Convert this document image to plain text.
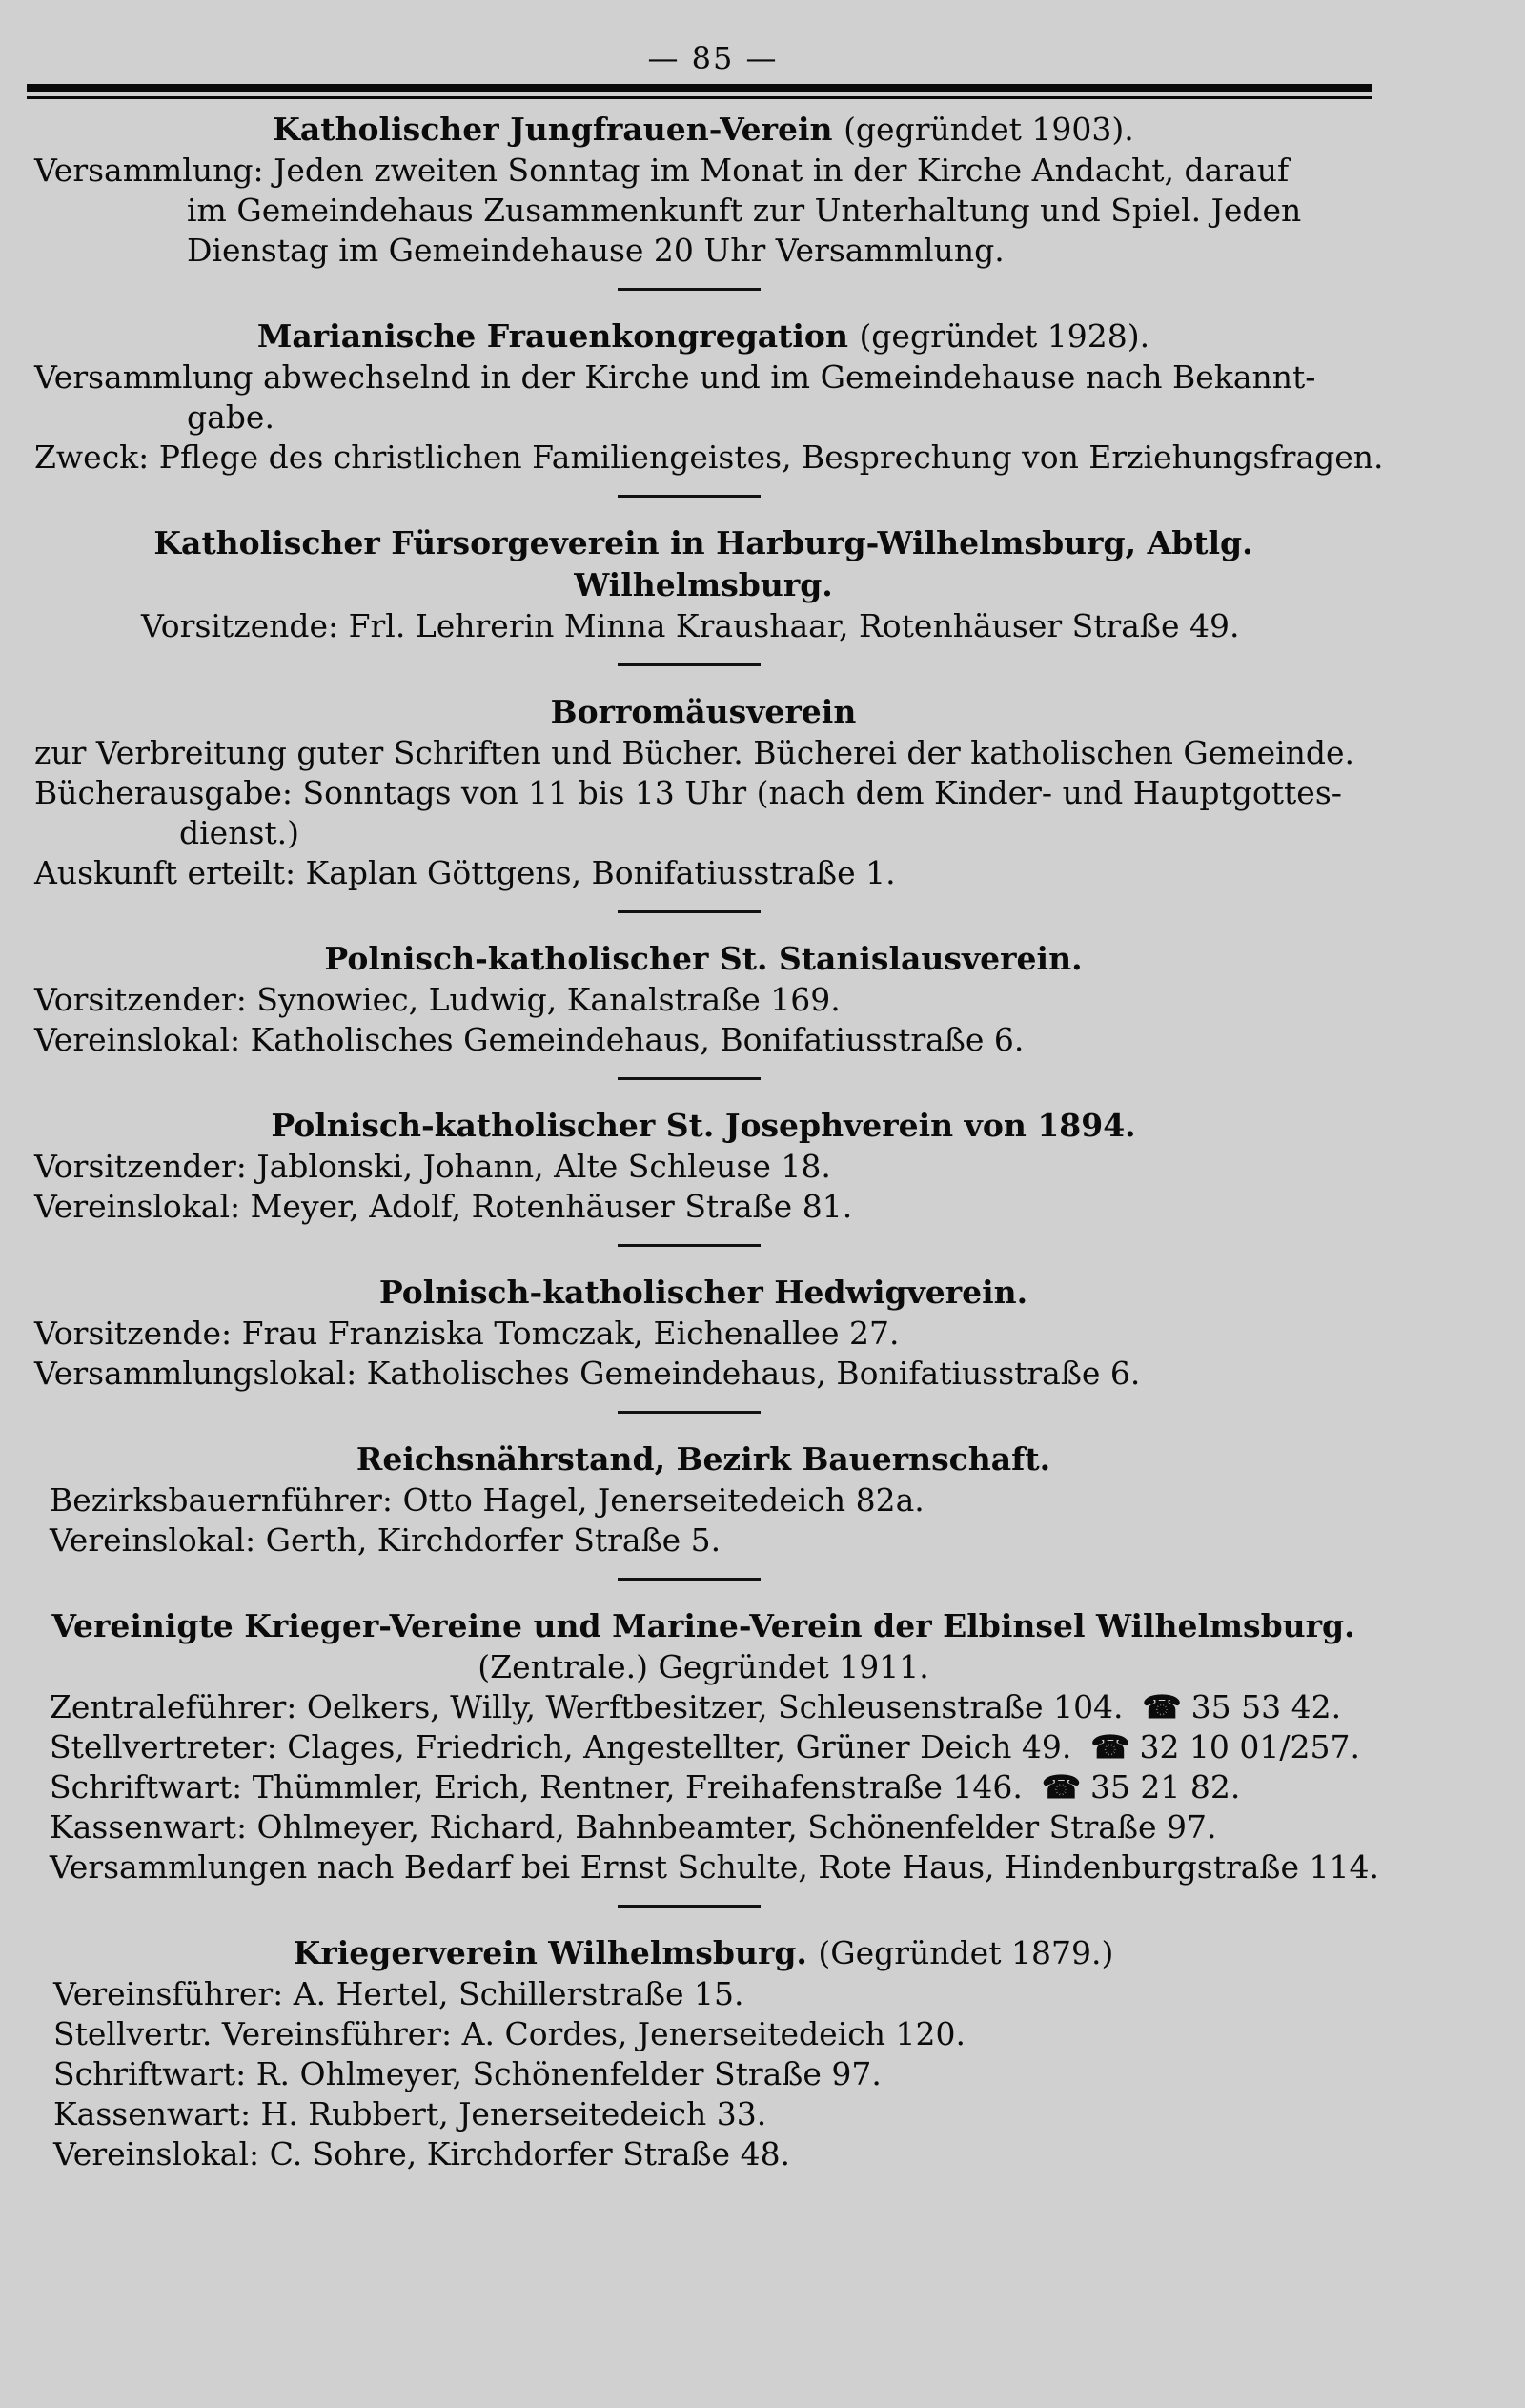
— 85 —
Katholischer Jungfrauen-Verein (gegründet 1903).
Versammlung: Jeden zweiten Sonntag im Monat in der Kirche Andacht, darauf
im Gemeindehaus Zusammenkunft zur Unterhaltung und Spiel. Jeden
Dienstag im Gemeindehause 20 Uhr Versammlung.
Marianische Frauenkongregation (gegründet 1928).
Versammlung abwechselnd in der Kirche und im Gemeindehause nach Bekannt-
gabe.
Zweck: Pflege des christlichen Familiengeistes, Besprechung von Erziehungsfragen.
Katholischer Fürsorgeverein in Harburg-Wilhelmsburg, Abtlg. Wilhelmsburg.
Vorsitzende: Frl. Lehrerin Minna Kraushaar, Rotenhäuser Straße 49.
Borromäusverein
zur Verbreitung guter Schriften und Bücher. Bücherei der katholischen Gemeinde.
Bücherausgabe: Sonntags von 11 bis 13 Uhr (nach dem Kinder- und Hauptgottes-
dienst.)
Auskunft erteilt: Kaplan Göttgens, Bonifatiusstraße 1.
Polnisch-katholischer St. Stanislausverein.
Vorsitzender: Synowiec, Ludwig, Kanalstraße 169.
Vereinslokal: Katholisches Gemeindehaus, Bonifatiusstraße 6.
Polnisch-katholischer St. Josephverein von 1894.
Vorsitzender: Jablonski, Johann, Alte Schleuse 18.
Vereinslokal: Meyer, Adolf, Rotenhäuser Straße 81.
Polnisch-katholischer Hedwigverein.
Vorsitzende: Frau Franziska Tomczak, Eichenallee 27.
Versammlungslokal: Katholisches Gemeindehaus, Bonifatiusstraße 6.
Reichsnährstand, Bezirk Bauernschaft.
Bezirksbauernführer: Otto Hagel, Jenerseitedeich 82a.
Vereinslokal: Gerth, Kirchdorfer Straße 5.
Vereinigte Krieger-Vereine und Marine-Verein der Elbinsel Wilhelmsburg.
(Zentrale.) Gegründet 1911.
Zentraleführer: Oelkers, Willy, Werftbesitzer, Schleusenstraße 104. ☎ 35 53 42.
Stellvertreter: Clages, Friedrich, Angestellter, Grüner Deich 49. ☎ 32 10 01/257.
Schriftwart: Thümmler, Erich, Rentner, Freihafenstraße 146. ☎ 35 21 82.
Kassenwart: Ohlmeyer, Richard, Bahnbeamter, Schönenfelder Straße 97.
Versammlungen nach Bedarf bei Ernst Schulte, Rote Haus, Hindenburgstraße 114.
Kriegerverein Wilhelmsburg. (Gegründet 1879.)
Vereinsführer: A. Hertel, Schillerstraße 15.
Stellvertr. Vereinsführer: A. Cordes, Jenerseitedeich 120.
Schriftwart: R. Ohlmeyer, Schönenfelder Straße 97.
Kassenwart: H. Rubbert, Jenerseitedeich 33.
Vereinslokal: C. Sohre, Kirchdorfer Straße 48.
